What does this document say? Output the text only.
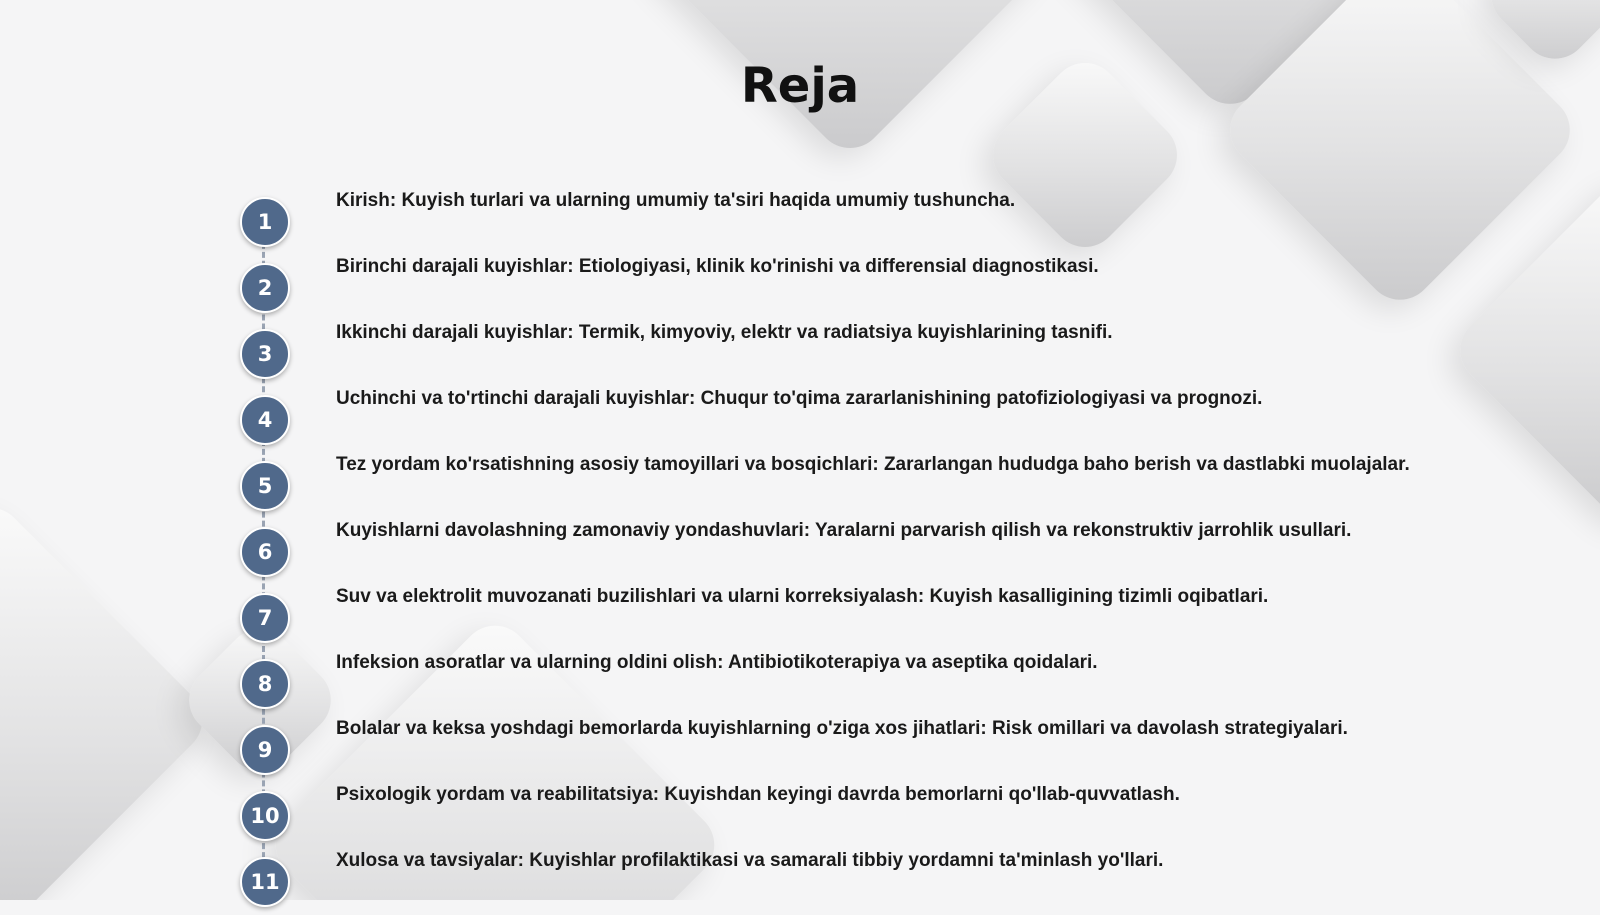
Reja
1
Kirish: Kuyish turlari va ularning umumiy ta'siri haqida umumiy tushuncha.
2
Birinchi darajali kuyishlar: Etiologiyasi, klinik ko'rinishi va differensial diagnostikasi.
3
Ikkinchi darajali kuyishlar: Termik, kimyoviy, elektr va radiatsiya kuyishlarining tasnifi.
4
Uchinchi va to'rtinchi darajali kuyishlar: Chuqur to'qima zararlanishining patofiziologiyasi va prognozi.
5
Tez yordam ko'rsatishning asosiy tamoyillari va bosqichlari: Zararlangan hududga baho berish va dastlabki muolajalar.
6
Kuyishlarni davolashning zamonaviy yondashuvlari: Yaralarni parvarish qilish va rekonstruktiv jarrohlik usullari.
7
Suv va elektrolit muvozanati buzilishlari va ularni korreksiyalash: Kuyish kasalligining tizimli oqibatlari.
8
Infeksion asoratlar va ularning oldini olish: Antibiotikoterapiya va aseptika qoidalari.
9
Bolalar va keksa yoshdagi bemorlarda kuyishlarning o'ziga xos jihatlari: Risk omillari va davolash strategiyalari.
10
Psixologik yordam va reabilitatsiya: Kuyishdan keyingi davrda bemorlarni qo'llab-quvvatlash.
11
Xulosa va tavsiyalar: Kuyishlar profilaktikasi va samarali tibbiy yordamni ta'minlash yo'llari.
